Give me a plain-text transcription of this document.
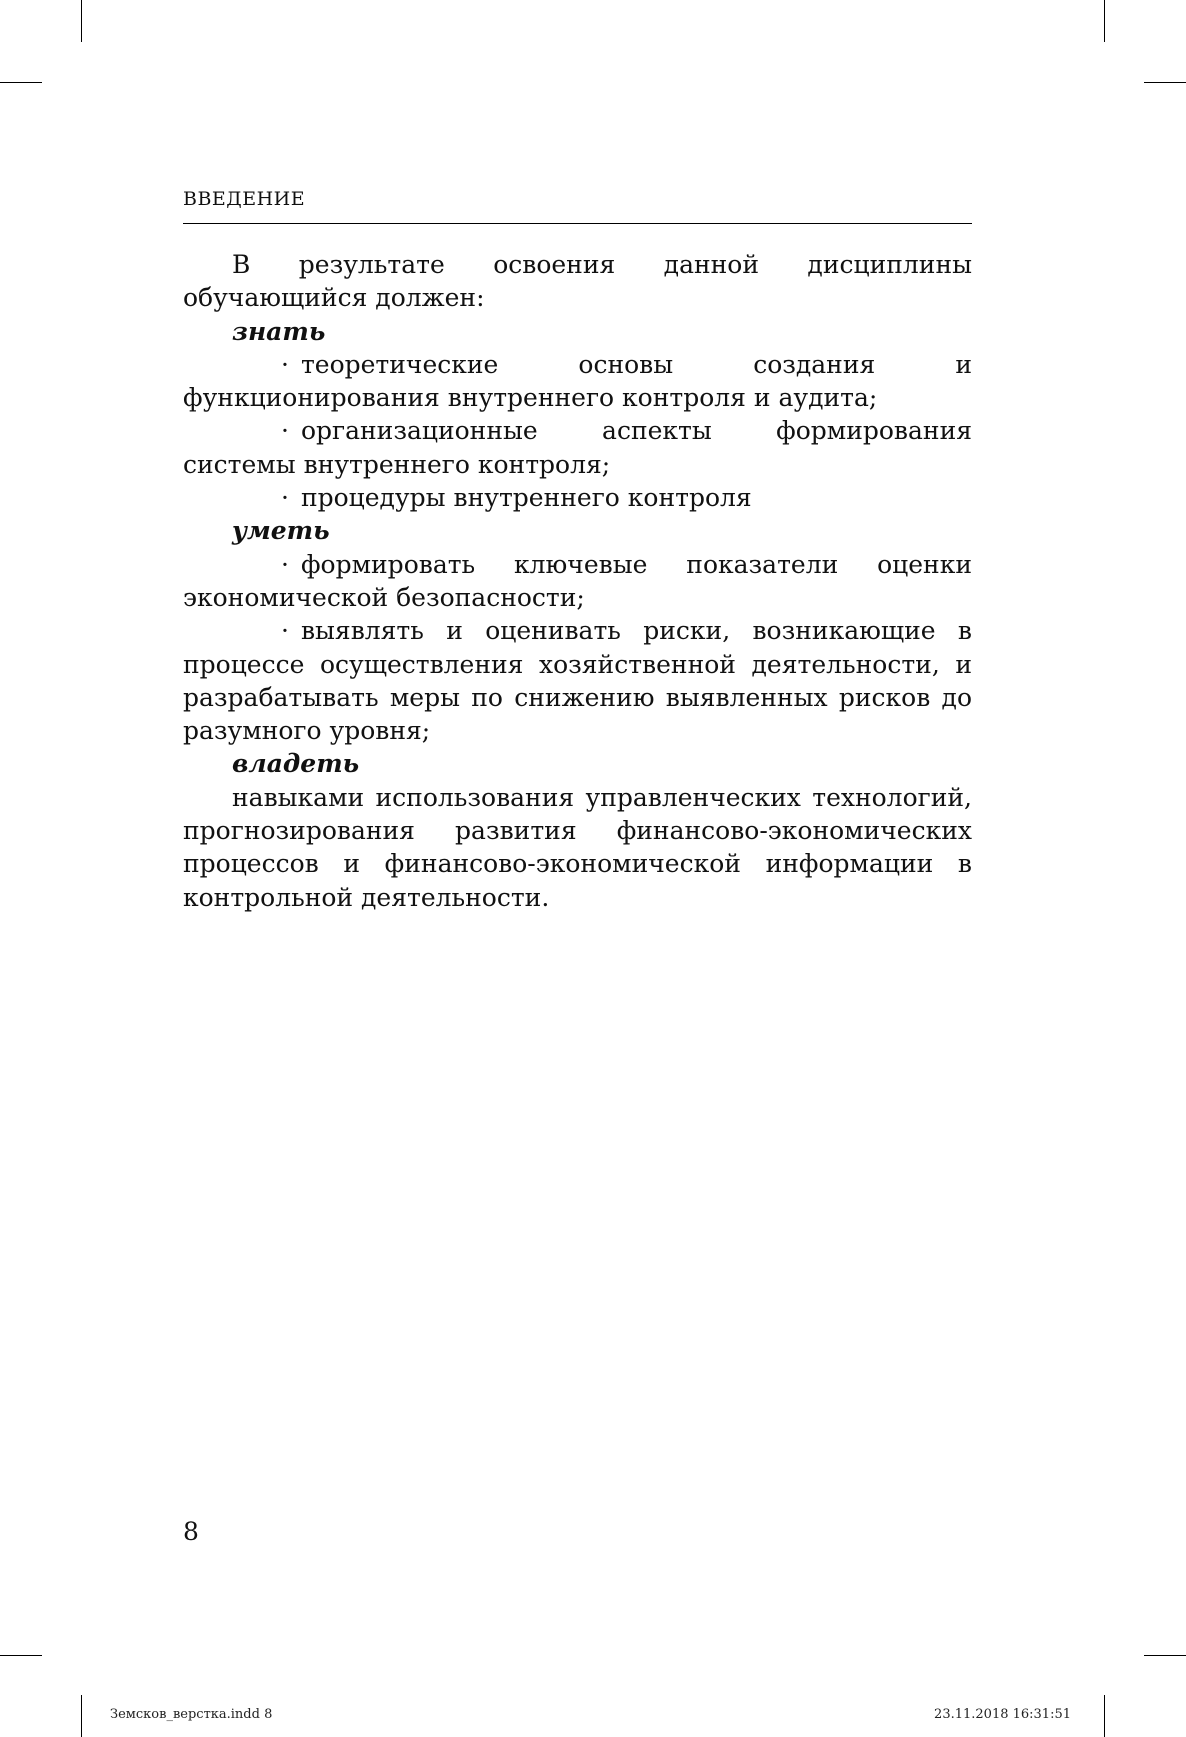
ВВЕДЕНИЕ

В результате освоения данной дисциплины обучающийся должен:

знать

· теоретические основы создания и функционирования внутреннего контроля и аудита;

· организационные аспекты формирования системы внутреннего контроля;

· процедуры внутреннего контроля

уметь

· формировать ключевые показатели оценки экономической безопасности;

· выявлять и оценивать риски, возникающие в процессе осуществления хозяйственной деятельности, и разрабатывать меры по снижению выявленных рисков до разумного уровня;

владеть

навыками использования управленческих технологий, прогнозирования развития финансово-экономических процессов и финансово-экономической информации в контрольной деятельности.

8
Земсков_верстка.indd 8	23.11.2018 16:31:51
